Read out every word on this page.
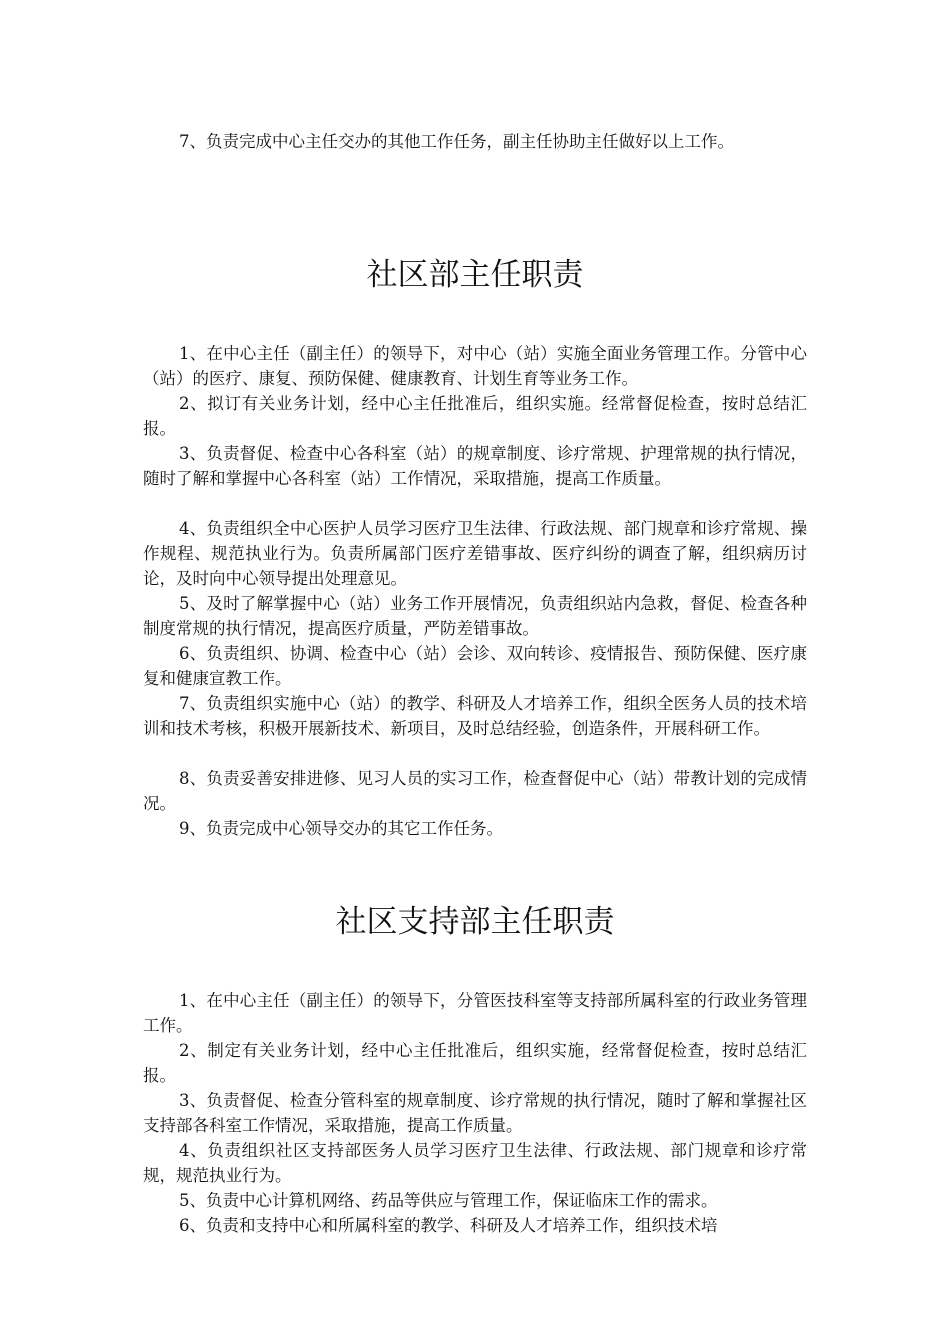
7、负责完成中心主任交办的其他工作任务，副主任协助主任做好以上工作。

社区部主任职责

1、在中心主任（副主任）的领导下，对中心（站）实施全面业务管理工作。分管中心（站）的医疗、康复、预防保健、健康教育、计划生育等业务工作。

2、拟订有关业务计划，经中心主任批准后，组织实施。经常督促检查，按时总结汇报。

3、负责督促、检查中心各科室（站）的规章制度、诊疗常规、护理常规的执行情况，随时了解和掌握中心各科室（站）工作情况，采取措施，提高工作质量。

4、负责组织全中心医护人员学习医疗卫生法律、行政法规、部门规章和诊疗常规、操作规程、规范执业行为。负责所属部门医疗差错事故、医疗纠纷的调查了解，组织病历讨论，及时向中心领导提出处理意见。

5、及时了解掌握中心（站）业务工作开展情况，负责组织站内急救，督促、检查各种制度常规的执行情况，提高医疗质量，严防差错事故。

6、负责组织、协调、检查中心（站）会诊、双向转诊、疫情报告、预防保健、医疗康复和健康宣教工作。

7、负责组织实施中心（站）的教学、科研及人才培养工作，组织全医务人员的技术培训和技术考核，积极开展新技术、新项目，及时总结经验，创造条件，开展科研工作。

8、负责妥善安排进修、见习人员的实习工作，检查督促中心（站）带教计划的完成情况。

9、负责完成中心领导交办的其它工作任务。

社区支持部主任职责

1、在中心主任（副主任）的领导下，分管医技科室等支持部所属科室的行政业务管理工作。

2、制定有关业务计划，经中心主任批准后，组织实施，经常督促检查，按时总结汇报。

3、负责督促、检查分管科室的规章制度、诊疗常规的执行情况，随时了解和掌握社区支持部各科室工作情况，采取措施，提高工作质量。

4、负责组织社区支持部医务人员学习医疗卫生法律、行政法规、部门规章和诊疗常规，规范执业行为。

5、负责中心计算机网络、药品等供应与管理工作，保证临床工作的需求。

6、负责和支持中心和所属科室的教学、科研及人才培养工作，组织技术培
